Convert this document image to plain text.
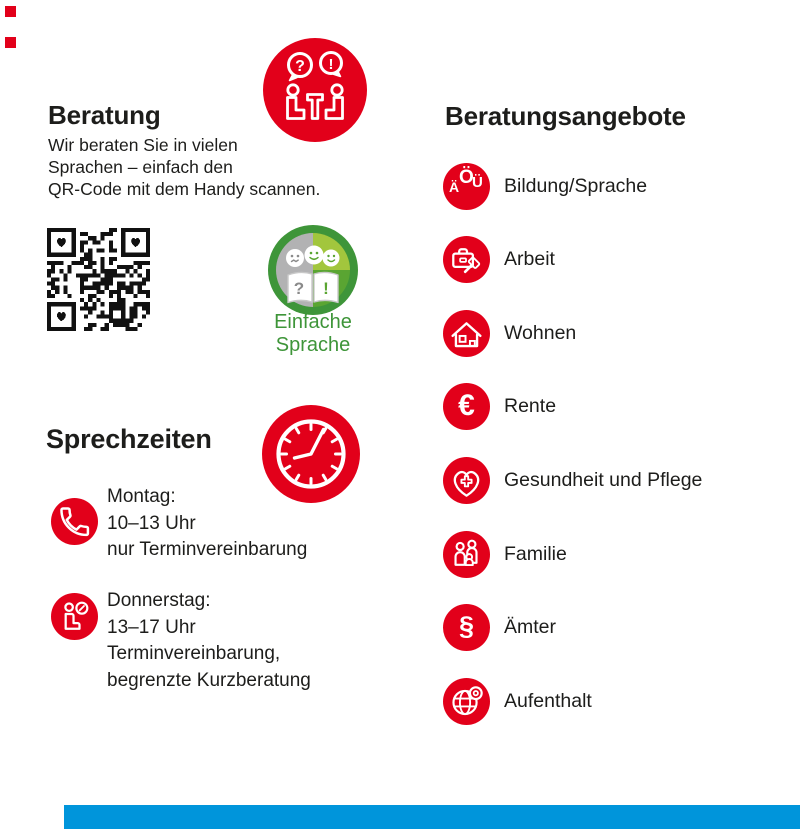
? !
Beratung
Wir beraten Sie in vielen
Sprachen – einfach den
QR-Code mit dem Handy scannen.
? !
Einfache
Sprache
Sprechzeiten
Montag:
10–13 Uhr
nur Terminvereinbarung
Donnerstag:
13–17 Uhr
Terminvereinbarung,
begrenzte Kurzberatung
Beratungsangebote
Ä Ö
Ü Bildung/Sprache
Arbeit
Wohnen
€	Rente
Gesundheit und Pflege
Familie
§	Ämter
Aufenthalt
